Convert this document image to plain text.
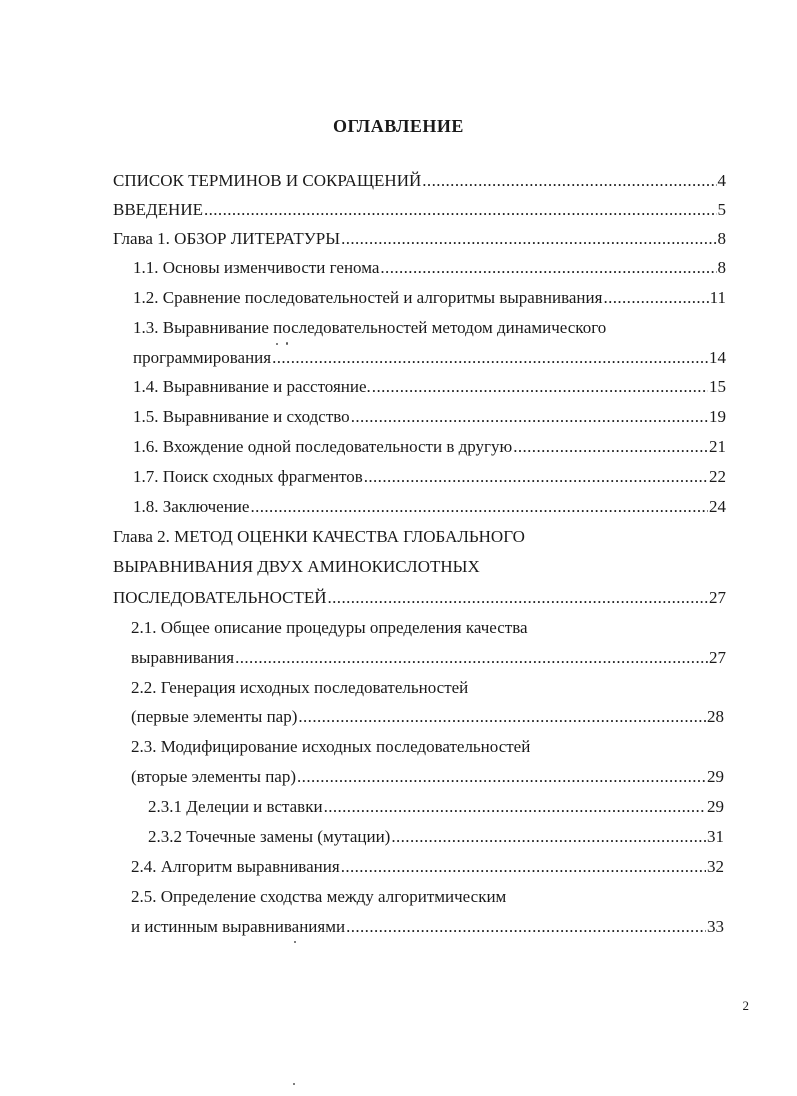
ОГЛАВЛЕНИЕ
СПИСОК ТЕРМИНОВ И СОКРАЩЕНИЙ .....	4
ВВЕДЕНИЕ .....	5
Глава 1. ОБЗОР ЛИТЕРАТУРЫ .....	8
1.1. Основы изменчивости генома .....	8
1.2. Сравнение последовательностей и алгоритмы выравнивания .....	11
1.3. Выравнивание последовательностей методом динамического
программирования .....	14
1.4. Выравнивание и расстояние. .....	15
1.5. Выравнивание и сходство .....	19
1.6. Вхождение одной последовательности в другую .....	21
1.7. Поиск сходных фрагментов .....	22
1.8. Заключение .....	24
Глава 2. МЕТОД ОЦЕНКИ КАЧЕСТВА ГЛОБАЛЬНОГО
ВЫРАВНИВАНИЯ ДВУХ АМИНОКИСЛОТНЫХ
ПОСЛЕДОВАТЕЛЬНОСТЕЙ .....	27
2.1. Общее описание процедуры определения качества
выравнивания .....	27
2.2. Генерация исходных последовательностей
(первые элементы пар) .....	28
2.3. Модифицирование исходных последовательностей
(вторые элементы пар) .....	29
2.3.1 Делеции и вставки .....	29
2.3.2 Точечные замены (мутации) .....	31
2.4. Алгоритм выравнивания .....	32
2.5. Определение сходства между алгоритмическим
и истинным выравниваниями .....	33
2
